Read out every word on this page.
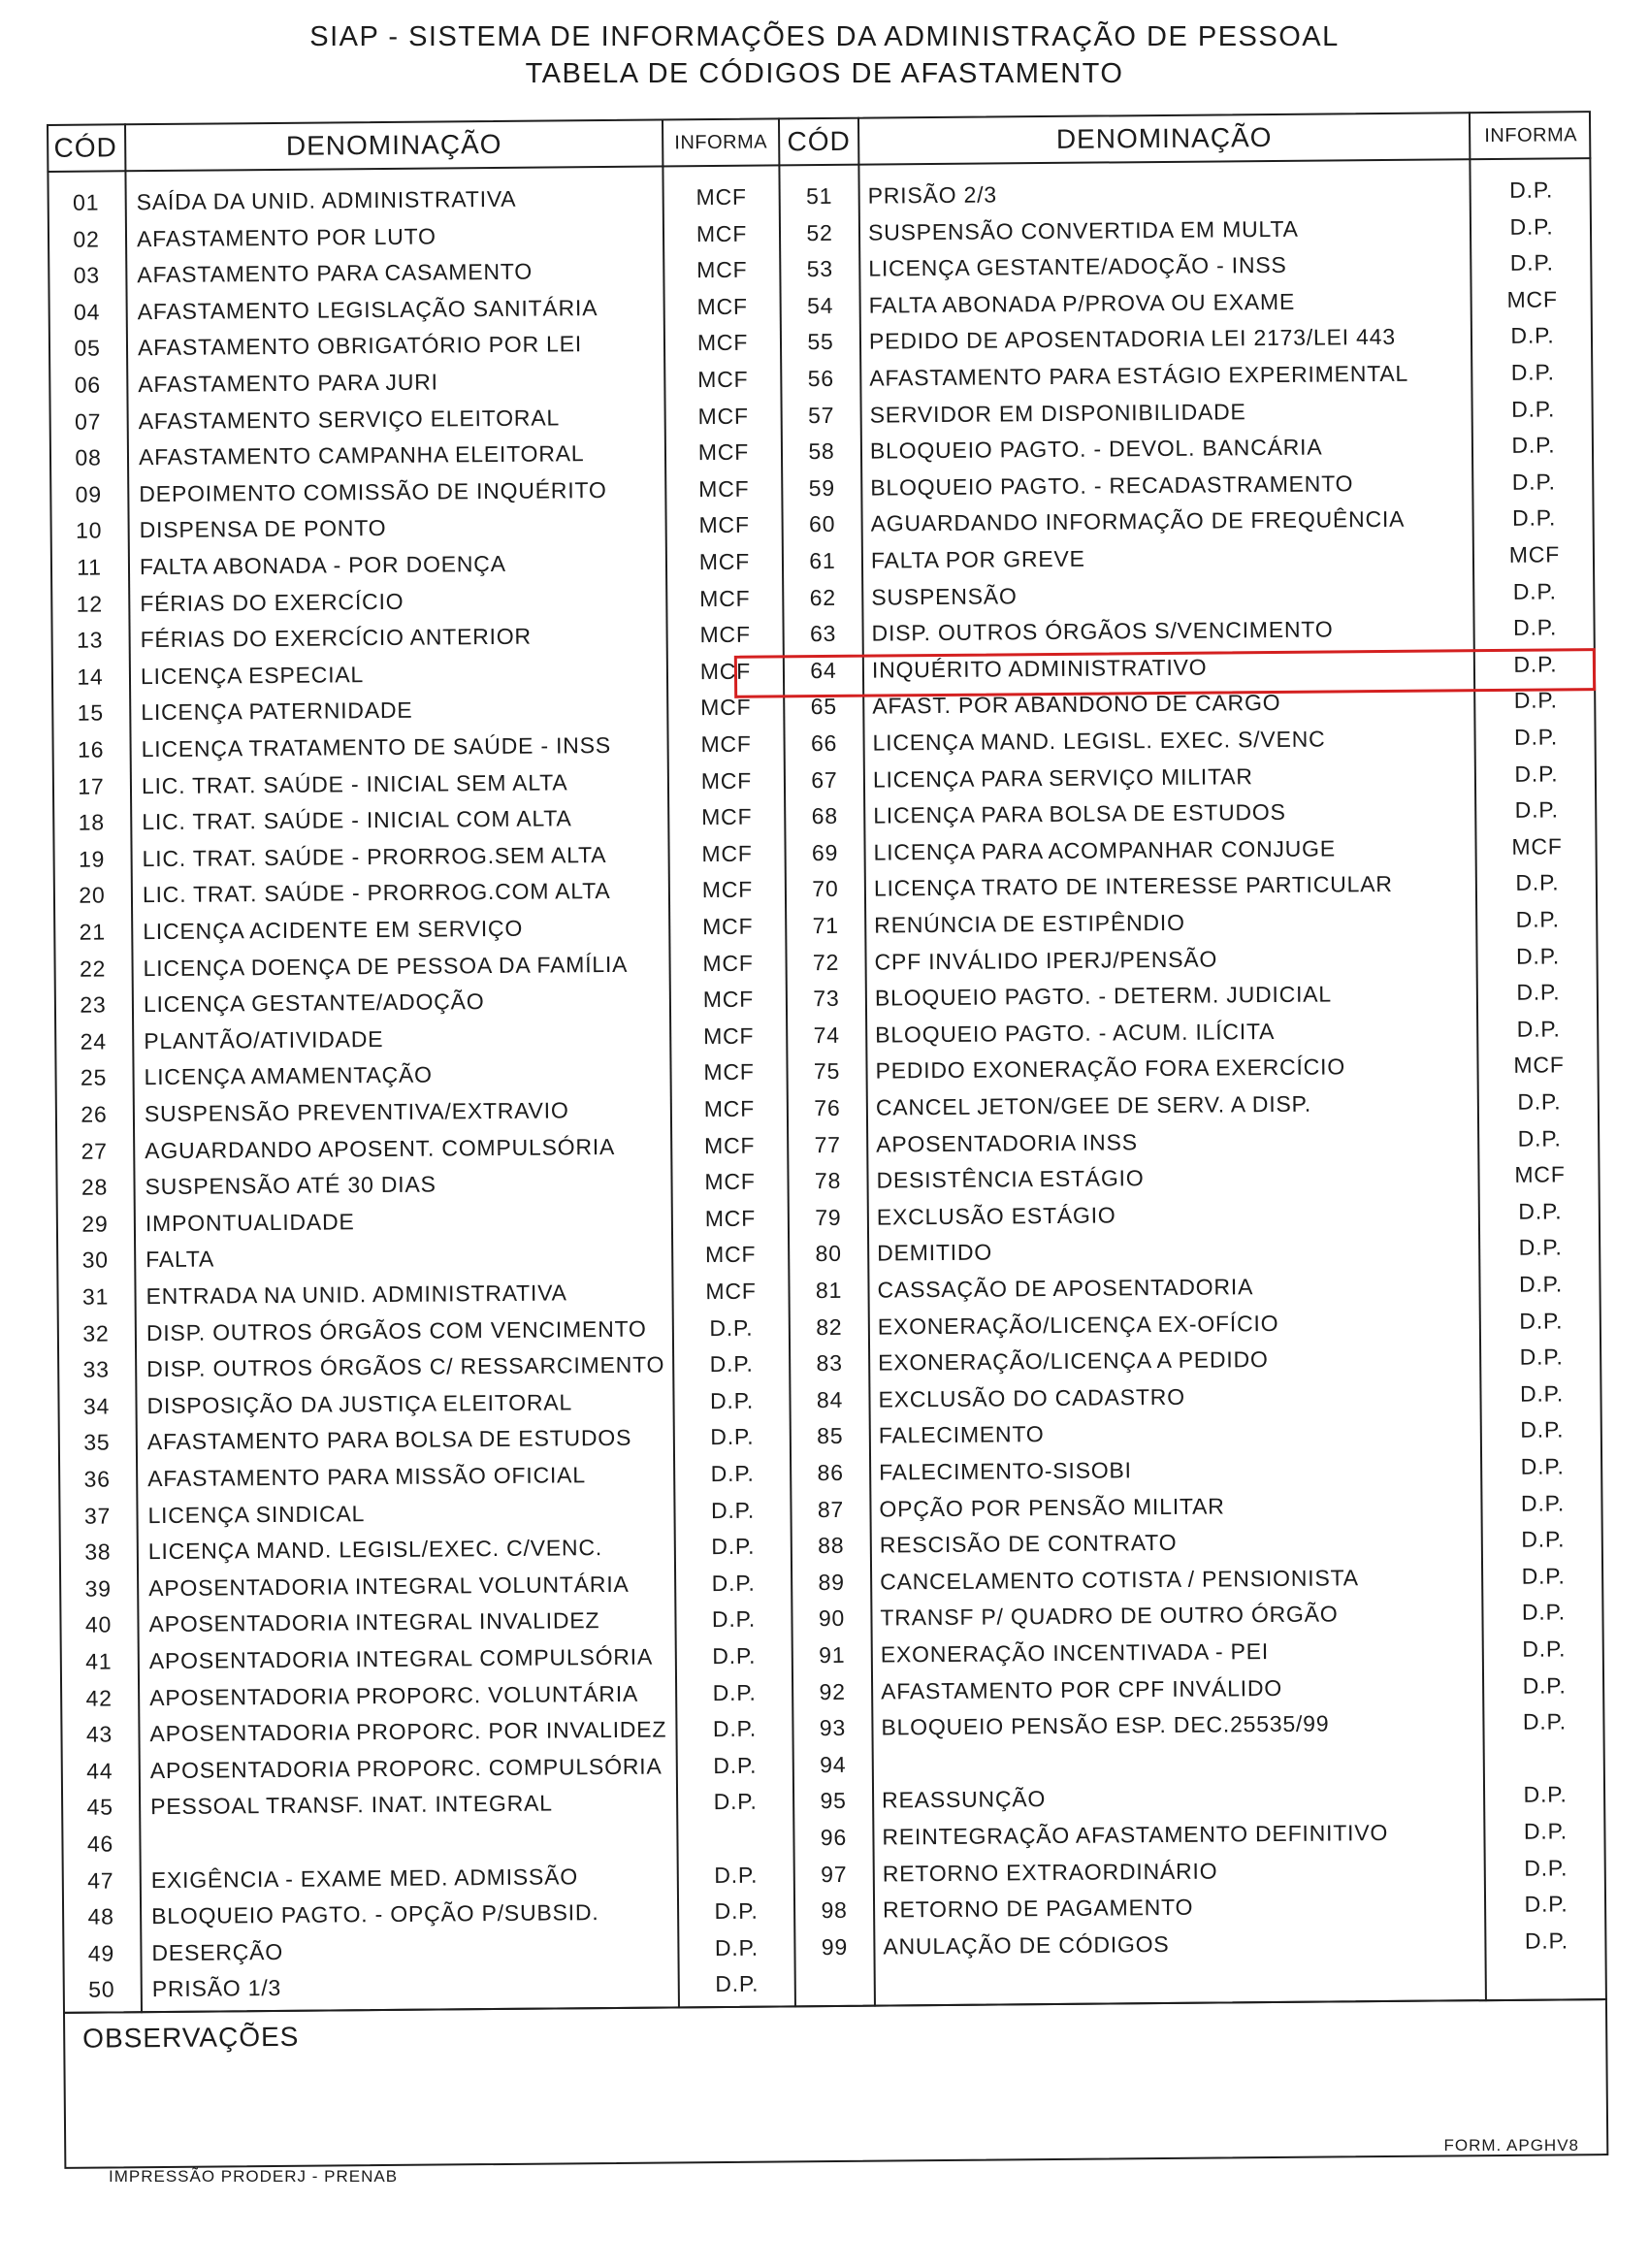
SIAP - SISTEMA DE INFORMAÇÕES DA ADMINISTRAÇÃO DE PESSOAL
TABELA DE CÓDIGOS DE AFASTAMENTO
CÓD	DENOMINAÇÃO	INFORMA CÓD	DENOMINAÇÃO	INFORMA
01	SAÍDA DA UNID. ADMINISTRATIVA	MCF
02	AFASTAMENTO POR LUTO	MCF
03	AFASTAMENTO PARA CASAMENTO	MCF
04	AFASTAMENTO LEGISLAÇÃO SANITÁRIA	MCF
05	AFASTAMENTO OBRIGATÓRIO POR LEI	MCF
06	AFASTAMENTO PARA JURI	MCF
07	AFASTAMENTO SERVIÇO ELEITORAL	MCF
08	AFASTAMENTO CAMPANHA ELEITORAL	MCF
09	DEPOIMENTO COMISSÃO DE INQUÉRITO	MCF
10	DISPENSA DE PONTO	MCF
11	FALTA ABONADA - POR DOENÇA	MCF
12	FÉRIAS DO EXERCÍCIO	MCF
13	FÉRIAS DO EXERCÍCIO ANTERIOR	MCF
14	LICENÇA ESPECIAL	MCF
15	LICENÇA PATERNIDADE	MCF
16	LICENÇA TRATAMENTO DE SAÚDE - INSS	MCF
17	LIC. TRAT. SAÚDE - INICIAL SEM ALTA	MCF
18	LIC. TRAT. SAÚDE - INICIAL COM ALTA	MCF
19	LIC. TRAT. SAÚDE - PRORROG.SEM ALTA	MCF
20	LIC. TRAT. SAÚDE - PRORROG.COM ALTA	MCF
21	LICENÇA ACIDENTE EM SERVIÇO	MCF
22	LICENÇA DOENÇA DE PESSOA DA FAMÍLIA	MCF
23	LICENÇA GESTANTE/ADOÇÃO	MCF
24	PLANTÃO/ATIVIDADE	MCF
25	LICENÇA AMAMENTAÇÃO	MCF
26	SUSPENSÃO PREVENTIVA/EXTRAVIO	MCF
27	AGUARDANDO APOSENT. COMPULSÓRIA	MCF
28	SUSPENSÃO ATÉ 30 DIAS	MCF
29	IMPONTUALIDADE	MCF
30	FALTA	MCF
31	ENTRADA NA UNID. ADMINISTRATIVA	MCF
32	DISP. OUTROS ÓRGÃOS COM VENCIMENTO	D.P.
33	DISP. OUTROS ÓRGÃOS C/ RESSARCIMENTO	D.P.
34	DISPOSIÇÃO DA JUSTIÇA ELEITORAL	D.P.
35	AFASTAMENTO PARA BOLSA DE ESTUDOS	D.P.
36	AFASTAMENTO PARA MISSÃO OFICIAL	D.P.
37	LICENÇA SINDICAL	D.P.
38	LICENÇA MAND. LEGISL/EXEC. C/VENC.	D.P.
39	APOSENTADORIA INTEGRAL VOLUNTÁRIA	D.P.
40	APOSENTADORIA INTEGRAL INVALIDEZ	D.P.
41	APOSENTADORIA INTEGRAL COMPULSÓRIA	D.P.
42	APOSENTADORIA PROPORC. VOLUNTÁRIA	D.P.
43	APOSENTADORIA PROPORC. POR INVALIDEZ	D.P.
44	APOSENTADORIA PROPORC. COMPULSÓRIA	D.P.
45	PESSOAL TRANSF. INAT. INTEGRAL	D.P.
46
47	EXIGÊNCIA - EXAME MED. ADMISSÃO	D.P.
48	BLOQUEIO PAGTO. - OPÇÃO P/SUBSID.	D.P.
49	DESERÇÃO	D.P.
50	PRISÃO 1/3	D.P.
51	PRISÃO 2/3	D.P.
52	SUSPENSÃO CONVERTIDA EM MULTA	D.P.
53	LICENÇA GESTANTE/ADOÇÃO - INSS	D.P.
54	FALTA ABONADA P/PROVA OU EXAME	MCF
55	PEDIDO DE APOSENTADORIA LEI 2173/LEI 443	D.P.
56	AFASTAMENTO PARA ESTÁGIO EXPERIMENTAL	D.P.
57	SERVIDOR EM DISPONIBILIDADE	D.P.
58	BLOQUEIO PAGTO. - DEVOL. BANCÁRIA	D.P.
59	BLOQUEIO PAGTO. - RECADASTRAMENTO	D.P.
60	AGUARDANDO INFORMAÇÃO DE FREQUÊNCIA	D.P.
61	FALTA POR GREVE	MCF
62	SUSPENSÃO	D.P.
63	DISP. OUTROS ÓRGÃOS S/VENCIMENTO	D.P.
64	INQUÉRITO ADMINISTRATIVO	D.P.
65	AFAST. POR ABANDONO DE CARGO	D.P.
66	LICENÇA MAND. LEGISL. EXEC. S/VENC	D.P.
67	LICENÇA PARA SERVIÇO MILITAR	D.P.
68	LICENÇA PARA BOLSA DE ESTUDOS	D.P.
69	LICENÇA PARA ACOMPANHAR CONJUGE	MCF
70	LICENÇA TRATO DE INTERESSE PARTICULAR	D.P.
71	RENÚNCIA DE ESTIPÊNDIO	D.P.
72	CPF INVÁLIDO IPERJ/PENSÃO	D.P.
73	BLOQUEIO PAGTO. - DETERM. JUDICIAL	D.P.
74	BLOQUEIO PAGTO. - ACUM. ILÍCITA	D.P.
75	PEDIDO EXONERAÇÃO FORA EXERCÍCIO	MCF
76	CANCEL JETON/GEE DE SERV. A DISP.	D.P.
77	APOSENTADORIA INSS	D.P.
78	DESISTÊNCIA ESTÁGIO	MCF
79	EXCLUSÃO ESTÁGIO	D.P.
80	DEMITIDO	D.P.
81	CASSAÇÃO DE APOSENTADORIA	D.P.
82	EXONERAÇÃO/LICENÇA EX-OFÍCIO	D.P.
83	EXONERAÇÃO/LICENÇA A PEDIDO	D.P.
84	EXCLUSÃO DO CADASTRO	D.P.
85	FALECIMENTO	D.P.
86	FALECIMENTO-SISOBI	D.P.
87	OPÇÃO POR PENSÃO MILITAR	D.P.
88	RESCISÃO DE CONTRATO	D.P.
89	CANCELAMENTO COTISTA / PENSIONISTA	D.P.
90	TRANSF P/ QUADRO DE OUTRO ÓRGÃO	D.P.
91	EXONERAÇÃO INCENTIVADA - PEI	D.P.
92	AFASTAMENTO POR CPF INVÁLIDO	D.P.
93	BLOQUEIO PENSÃO ESP. DEC.25535/99	D.P.
94
95	REASSUNÇÃO	D.P.
96	REINTEGRAÇÃO AFASTAMENTO DEFINITIVO	D.P.
97	RETORNO EXTRAORDINÁRIO	D.P.
98	RETORNO DE PAGAMENTO	D.P.
99	ANULAÇÃO DE CÓDIGOS	D.P.
OBSERVAÇÕES
FORM. APGHV8
IMPRESSÃO PRODERJ - PRENAB
